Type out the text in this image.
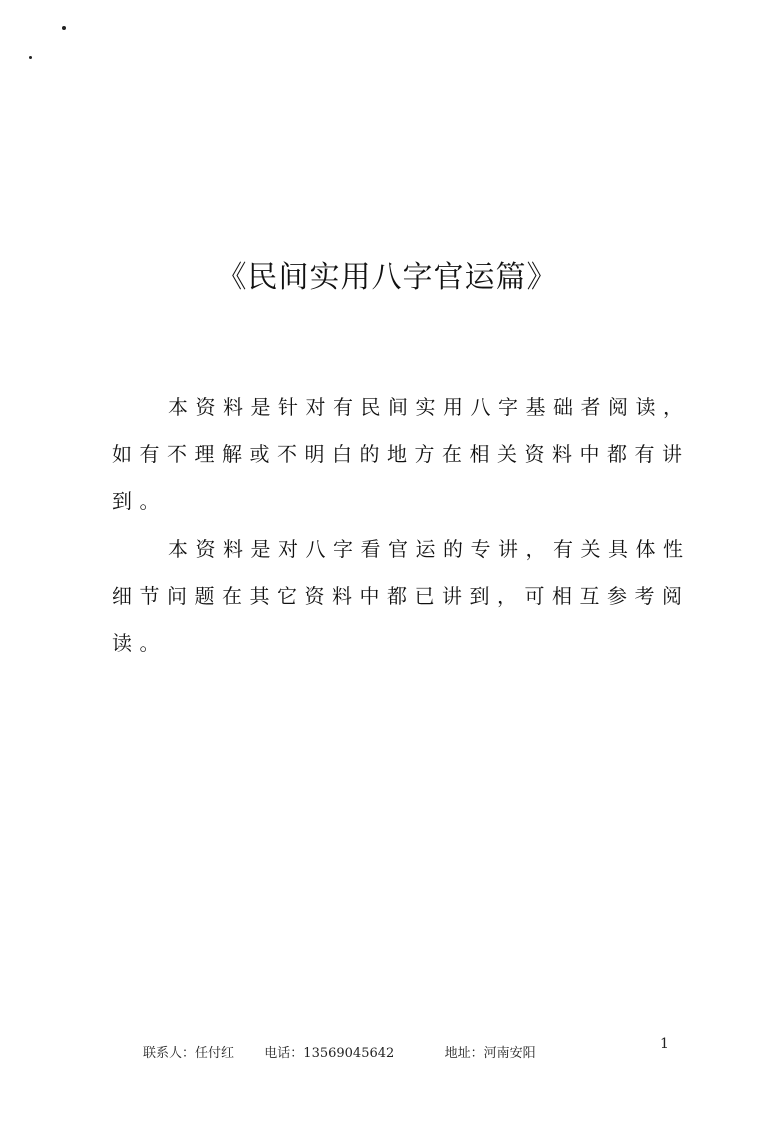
《民间实用八字官运篇》

本资料是针对有民间实用八字基础者阅读，如有不理解或不明白的地方在相关资料中都有讲到。

本资料是对八字看官运的专讲，有关具体性细节问题在其它资料中都已讲到，可相互参考阅读。

联系人：任付红 电话：13569045642	地址：河南安阳
1
